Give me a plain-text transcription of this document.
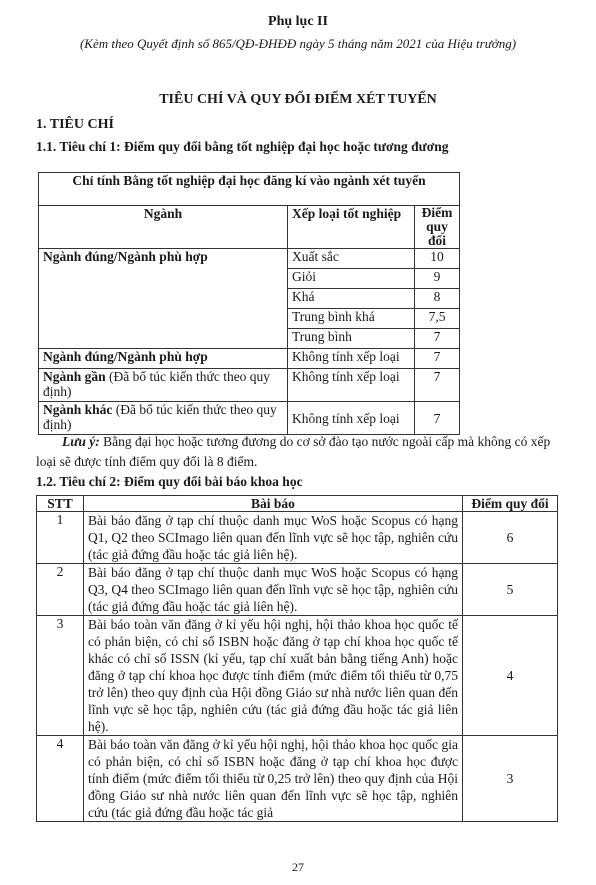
Phụ lục II
(Kèm theo Quyết định số 865/QĐ-ĐHĐĐ ngày 5 tháng năm 2021 của Hiệu trưởng)
TIÊU CHÍ VÀ QUY ĐỔI ĐIỂM XÉT TUYỂN
1. TIÊU CHÍ
1.1. Tiêu chí 1: Điểm quy đổi bằng tốt nghiệp đại học hoặc tương đương
Chỉ tính Bằng tốt nghiệp đại học đăng kí vào ngành xét tuyển		
Ngành	Xếp loại tốt nghiệp	Điểm quy đổi
Ngành đúng/Ngành phù hợp	Xuất sắc	10
	Giỏi	9
	Khá	8
	Trung bình khá	7,5
	Trung bình	7
Ngành đúng/Ngành phù hợp	Không tính xếp loại	7
Ngành gần (Đã bổ túc kiến thức theo quy định)	Không tính xếp loại	7
Ngành khác (Đã bổ túc kiến thức theo quy định)	Không tính xếp loại	7
Lưu ý: Bằng đại học hoặc tương đương do cơ sở đào tạo nước ngoài cấp mà không có xếp loại sẽ được tính điểm quy đổi là 8 điểm.
1.2. Tiêu chí 2: Điểm quy đổi bài báo khoa học
STT	Bài báo	Điểm quy đổi
1	Bài báo đăng ở tạp chí thuộc danh mục WoS hoặc Scopus có hạng Q1, Q2 theo SCImago liên quan đến lĩnh vực sẽ học tập, nghiên cứu (tác giả đứng đầu hoặc tác giả liên hệ).	6
2	Bài báo đăng ở tạp chí thuộc danh mục WoS hoặc Scopus có hạng Q3, Q4 theo SCImago liên quan đến lĩnh vực sẽ học tập, nghiên cứu (tác giả đứng đầu hoặc tác giả liên hệ).	5
3	Bài báo toàn văn đăng ở kỉ yếu hội nghị, hội thảo khoa học quốc tế có phản biện, có chỉ số ISBN hoặc đăng ở tạp chí khoa học quốc tế khác có chỉ số ISSN (kỉ yếu, tạp chí xuất bản bằng tiếng Anh) hoặc đăng ở tạp chí khoa học được tính điểm (mức điểm tối thiểu từ 0,75 trở lên) theo quy định của Hội đồng Giáo sư nhà nước liên quan đến lĩnh vực sẽ học tập, nghiên cứu (tác giả đứng đầu hoặc tác giả liên hệ).	4
4	Bài báo toàn văn đăng ở kỉ yếu hội nghị, hội thảo khoa học quốc gia có phản biện, có chỉ số ISBN hoặc đăng ở tạp chí khoa học được tính điểm (mức điểm tối thiểu từ 0,25 trở lên) theo quy định của Hội đồng Giáo sư nhà nước liên quan đến lĩnh vực sẽ học tập, nghiên cứu (tác giả đứng đầu hoặc tác giả	3
27
